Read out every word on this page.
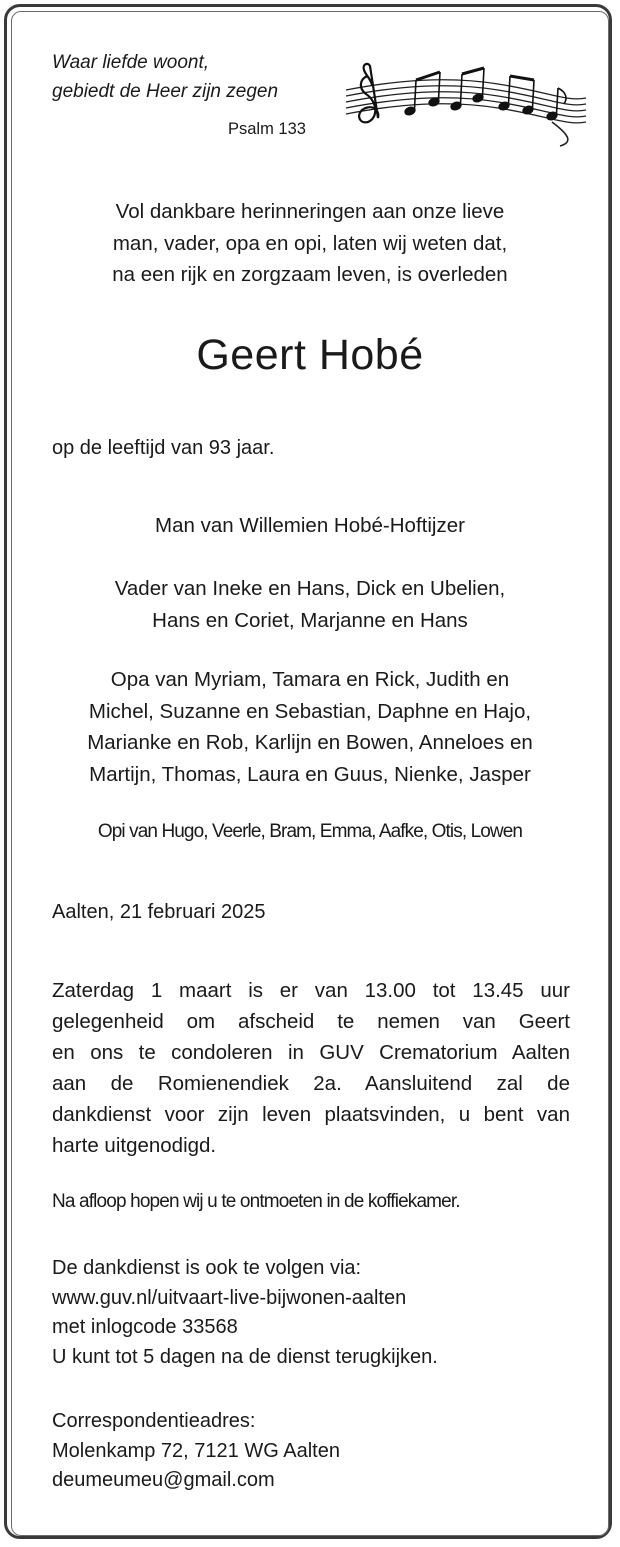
Waar liefde woont,
gebiedt de Heer zijn zegen
Psalm 133
Vol dankbare herinneringen aan onze lieve
man, vader, opa en opi, laten wij weten dat,
na een rijk en zorgzaam leven, is overleden
Geert Hobé
op de leeftijd van 93 jaar.
Man van Willemien Hobé-Hoftijzer
Vader van Ineke en Hans, Dick en Ubelien,
Hans en Coriet, Marjanne en Hans
Opa van Myriam, Tamara en Rick, Judith en
Michel, Suzanne en Sebastian, Daphne en Hajo,
Marianke en Rob, Karlijn en Bowen, Anneloes en
Martijn, Thomas, Laura en Guus, Nienke, Jasper
Opi van Hugo, Veerle, Bram, Emma, Aafke, Otis, Lowen
Aalten, 21 februari 2025
Zaterdag 1 maart is er van 13.00 tot 13.45 uur
gelegenheid om afscheid te nemen van Geert
en ons te condoleren in GUV Crematorium Aalten
aan de Romienendiek 2a. Aansluitend zal de
dankdienst voor zijn leven plaatsvinden, u bent van
harte uitgenodigd.
Na afloop hopen wij u te ontmoeten in de koffiekamer.
De dankdienst is ook te volgen via:
www.guv.nl/uitvaart-live-bijwonen-aalten
met inlogcode 33568
U kunt tot 5 dagen na de dienst terugkijken.
Correspondentieadres:
Molenkamp 72, 7121 WG Aalten
deumeumeu@gmail.com
